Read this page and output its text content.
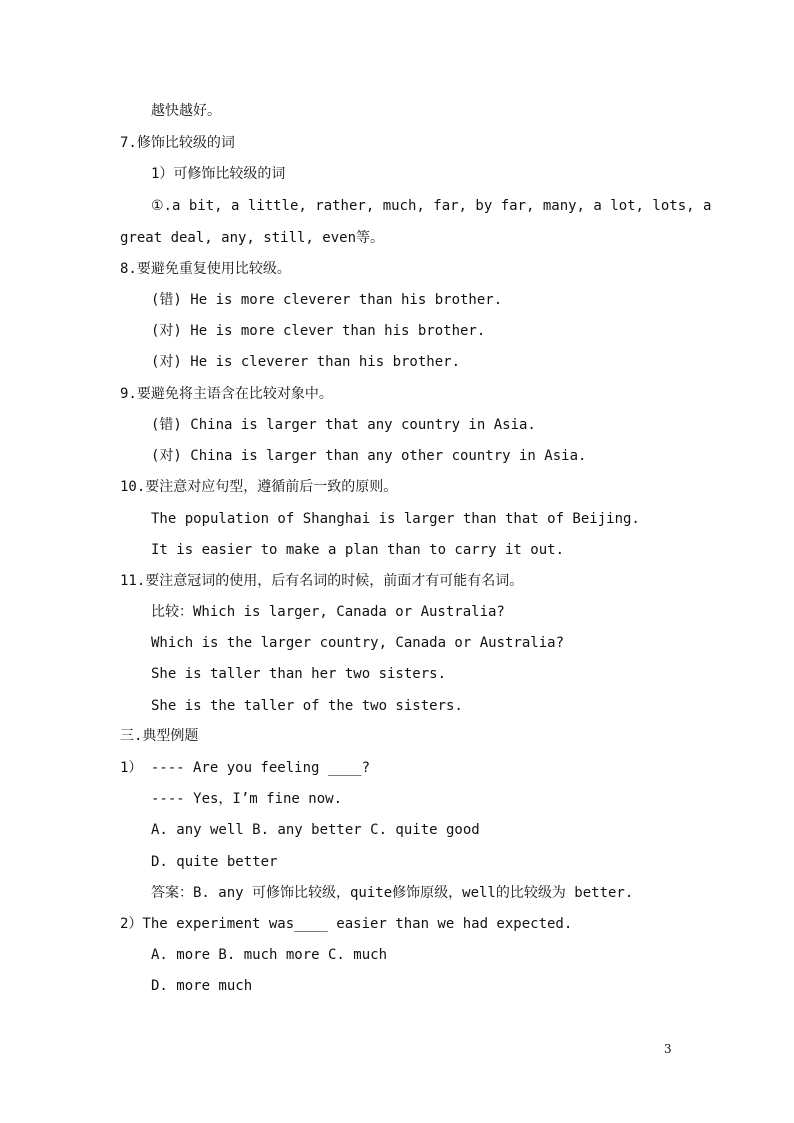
越快越好。
7.修饰比较级的词
1）可修饰比较级的词
①.a bit, a little, rather, much, far, by far, many, a lot, lots, a
great deal, any, still, even等。
8.要避免重复使用比较级。
(错) He is more cleverer than his brother.
(对) He is more clever than his brother.
(对) He is cleverer than his brother.
9.要避免将主语含在比较对象中。
(错) China is larger that any country in Asia.
(对) China is larger than any other country in Asia.
10.要注意对应句型，遵循前后一致的原则。
The population of Shanghai is larger than that of Beijing.
It is easier to make a plan than to carry it out.
11.要注意冠词的使用，后有名词的时候，前面才有可能有名词。
比较：Which is larger, Canada or Australia?
Which is the larger country, Canada or Australia?
She is taller than her two sisters.
She is the taller of the two sisters.
三.典型例题
1） ---- Are you feeling ____?
---- Yes，I’m fine now.
A. any well B. any better C. quite good
D. quite better
答案：B. any 可修饰比较级，quite修饰原级，well的比较级为 better.
2）The experiment was____ easier than we had expected.
A. more B. much more C. much
D. more much
3
